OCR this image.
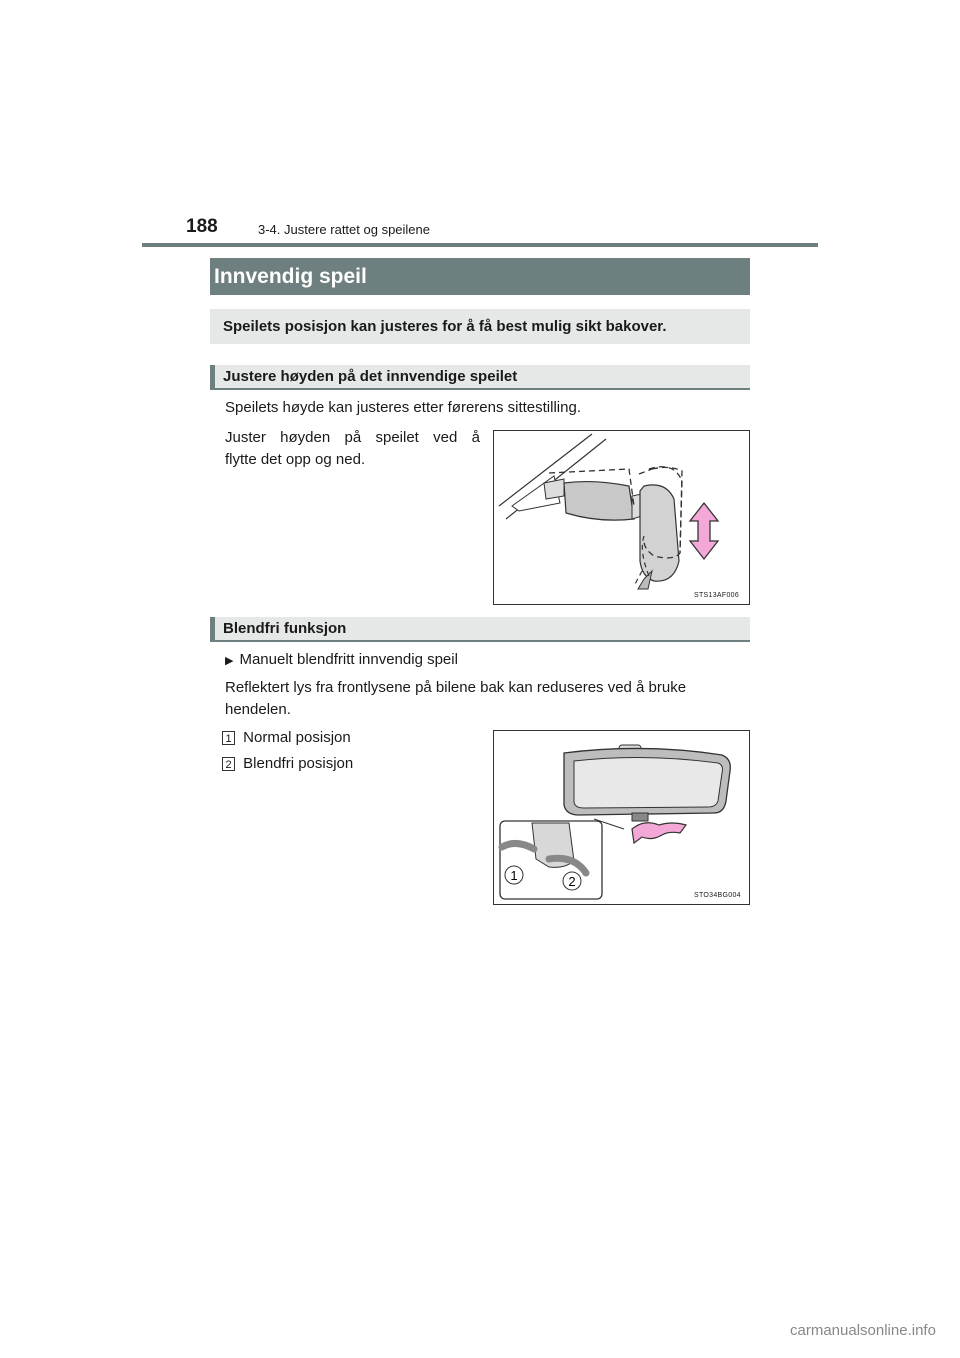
188	3-4. Justere rattet og speilene
Innvendig speil
Speilets posisjon kan justeres for å få best mulig sikt bakover.
Justere høyden på det innvendige speilet
Speilets høyde kan justeres etter førerens sittestilling.
Juster høyden på speilet ved å
flytte det opp og ned.
STS13AF006
Blendfri funksjon
▶ Manuelt blendfritt innvendig speil
Reflektert lys fra frontlysene på bilene bak kan reduseres ved å bruke
hendelen.
1 Normal posisjon
2 Blendfri posisjon
1	2
STO34BG004
carmanualsonline.info
